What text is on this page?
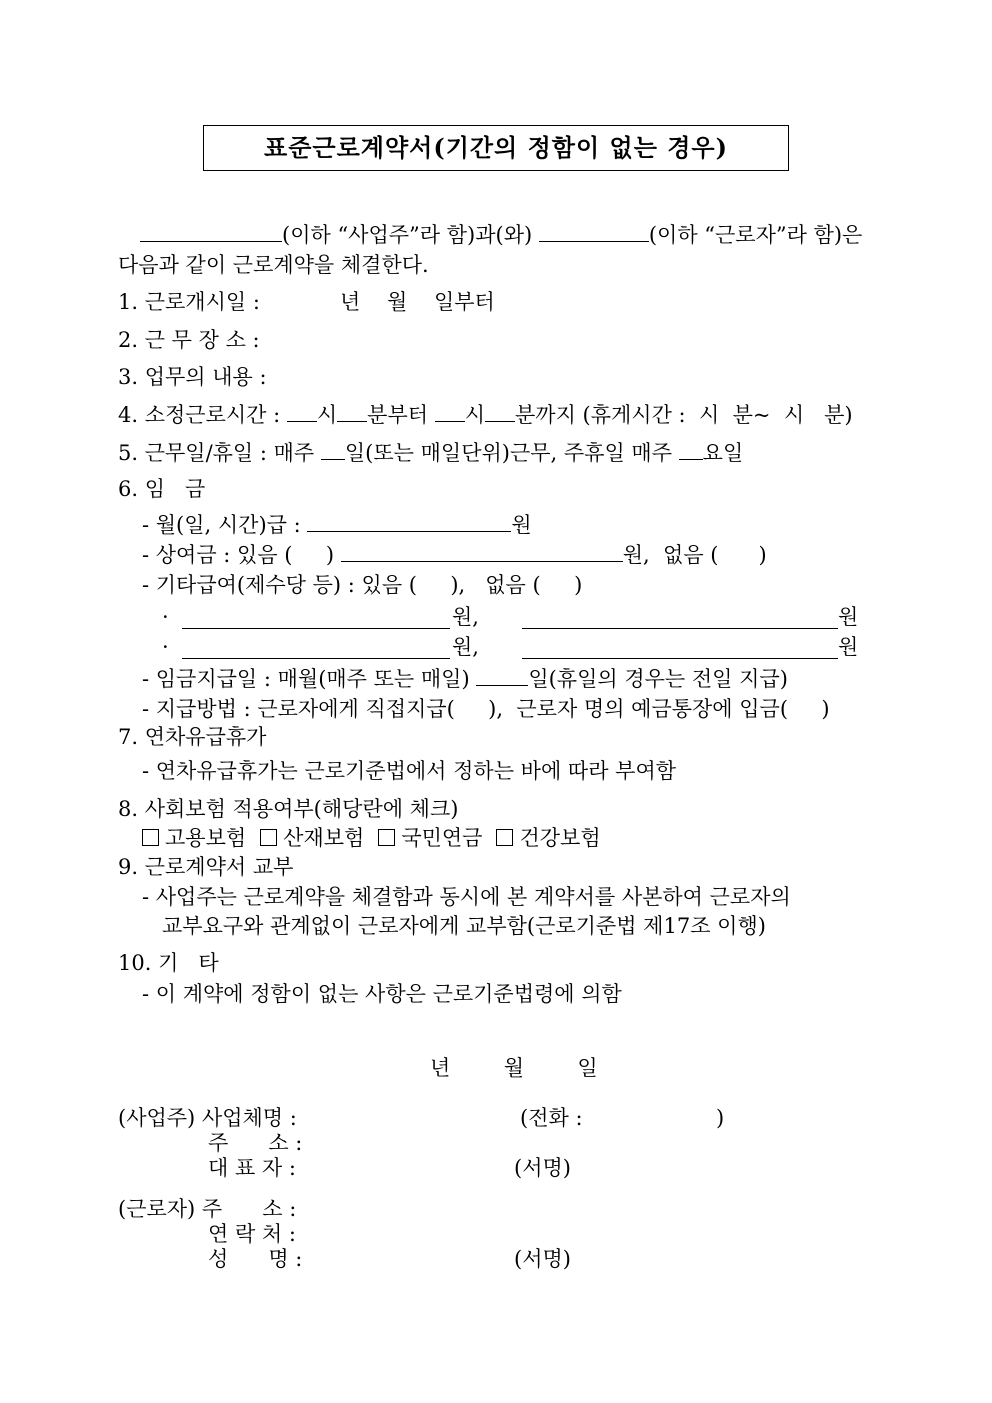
표준근로계약서(기간의 정함이 없는 경우)
(이하 “사업주”라 함)과(와)	(이하 “근로자”라 함)은
다음과 같이 근로계약을 체결한다.
1. 근로개시일 :	년    월    일부터
2. 근 무 장 소 :
3. 업무의 내용 :
4. 소정근로시간 : 시 분부터 시 분까지 (휴게시간 :  시  분~  시   분)
5. 근무일/휴일 : 매주 일(또는 매일단위)근무, 주휴일 매주 요일
6. 임   금
- 월(일, 시간)급 :	원
- 상여금 : 있음 (     )	원,  없음 (      )
- 기타급여(제수당 등) : 있음 (     ),   없음 (     )
·	원,	원
·	원,	원
- 임금지급일 : 매월(매주 또는 매일) 일(휴일의 경우는 전일 지급)
- 지급방법 : 근로자에게 직접지급(     ),  근로자 명의 예금통장에 입금(     )
7. 연차유급휴가
- 연차유급휴가는 근로기준법에서 정하는 바에 따라 부여함
8. 사회보험 적용여부(해당란에 체크)
고용보험 산재보험 국민연금 건강보험
9. 근로계약서 교부
- 사업주는 근로계약을 체결함과 동시에 본 계약서를 사본하여 근로자의
교부요구와 관계없이 근로자에게 교부함(근로기준법 제17조 이행)
10. 기   타
- 이 계약에 정함이 없는 사항은 근로기준법령에 의함
년        월        일
(사업주) 사업체명 :	(전화 :                    )
주      소 :
대 표 자 :	(서명)
(근로자) 주      소 :
연 락 처 :
성      명 :	(서명)
